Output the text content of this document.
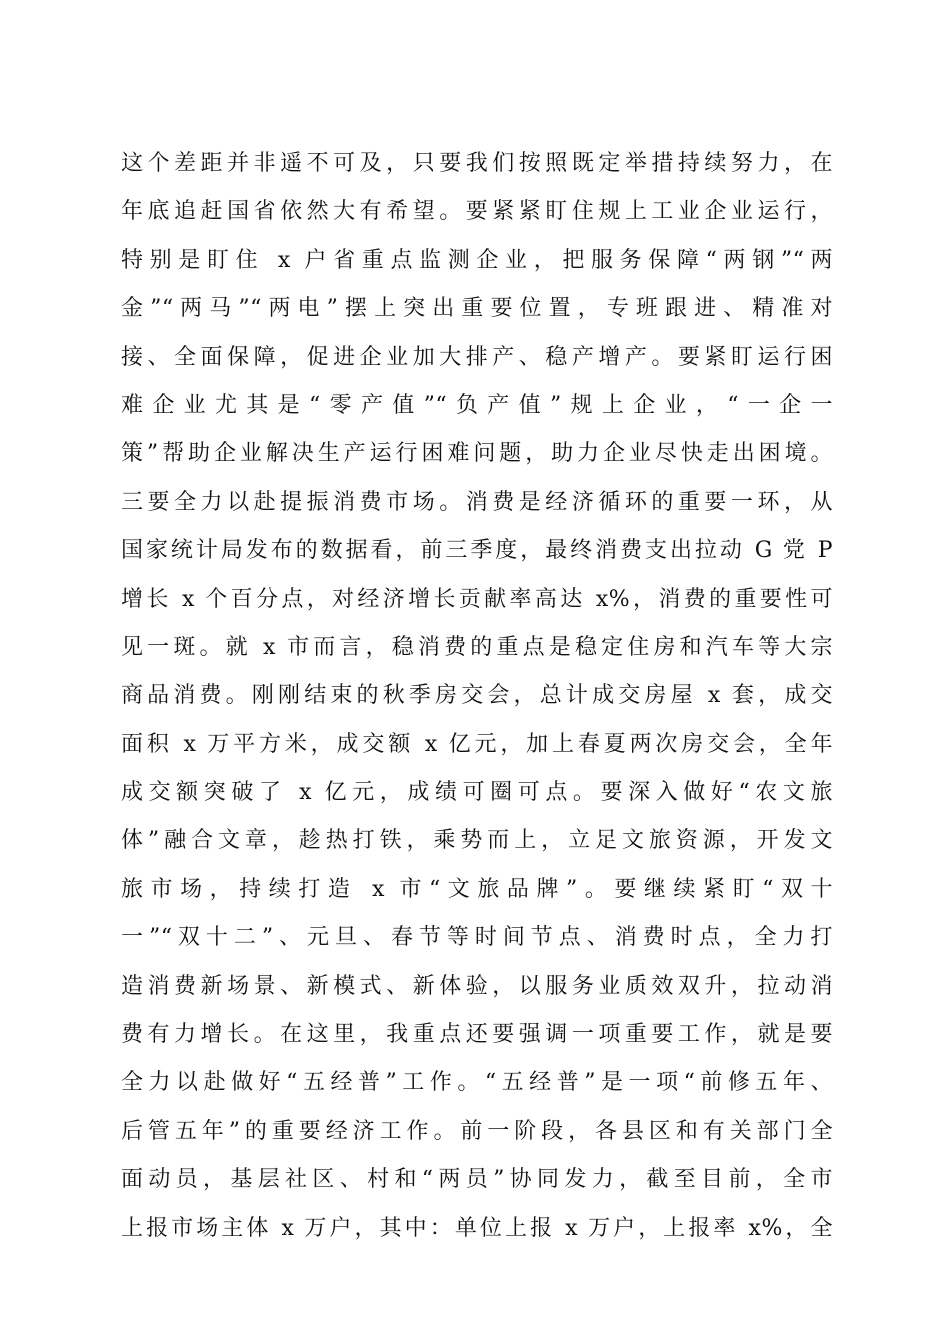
这个差距并非遥不可及，只要我们按照既定举措持续努力，在
年底追赶国省依然大有希望。要紧紧盯住规上工业企业运行，
特别是盯住 x 户省重点监测企业，把服务保障“两钢”“两
金”“两马”“两电”摆上突出重要位置，专班跟进、精准对
接、全面保障，促进企业加大排产、稳产增产。要紧盯运行困
难企业尤其是“零产值”“负产值”规上企业，“一企一
策”帮助企业解决生产运行困难问题，助力企业尽快走出困境。
三要全力以赴提振消费市场。消费是经济循环的重要一环，从
国家统计局发布的数据看，前三季度，最终消费支出拉动 G 党 P
增长 x 个百分点，对经济增长贡献率高达 x%，消费的重要性可
见一斑。就 x 市而言，稳消费的重点是稳定住房和汽车等大宗
商品消费。刚刚结束的秋季房交会，总计成交房屋 x 套，成交
面积 x 万平方米，成交额 x 亿元，加上春夏两次房交会，全年
成交额突破了 x 亿元，成绩可圈可点。要深入做好“农文旅
体”融合文章，趁热打铁，乘势而上，立足文旅资源，开发文
旅市场，持续打造 x 市“文旅品牌”。要继续紧盯“双十
一”“双十二”、元旦、春节等时间节点、消费时点，全力打
造消费新场景、新模式、新体验，以服务业质效双升，拉动消
费有力增长。在这里，我重点还要强调一项重要工作，就是要
全力以赴做好“五经普”工作。“五经普”是一项“前修五年、
后管五年”的重要经济工作。前一阶段，各县区和有关部门全
面动员，基层社区、村和“两员”协同发力，截至目前，全市
上报市场主体 x 万户，其中：单位上报 x 万户，上报率 x%，全
